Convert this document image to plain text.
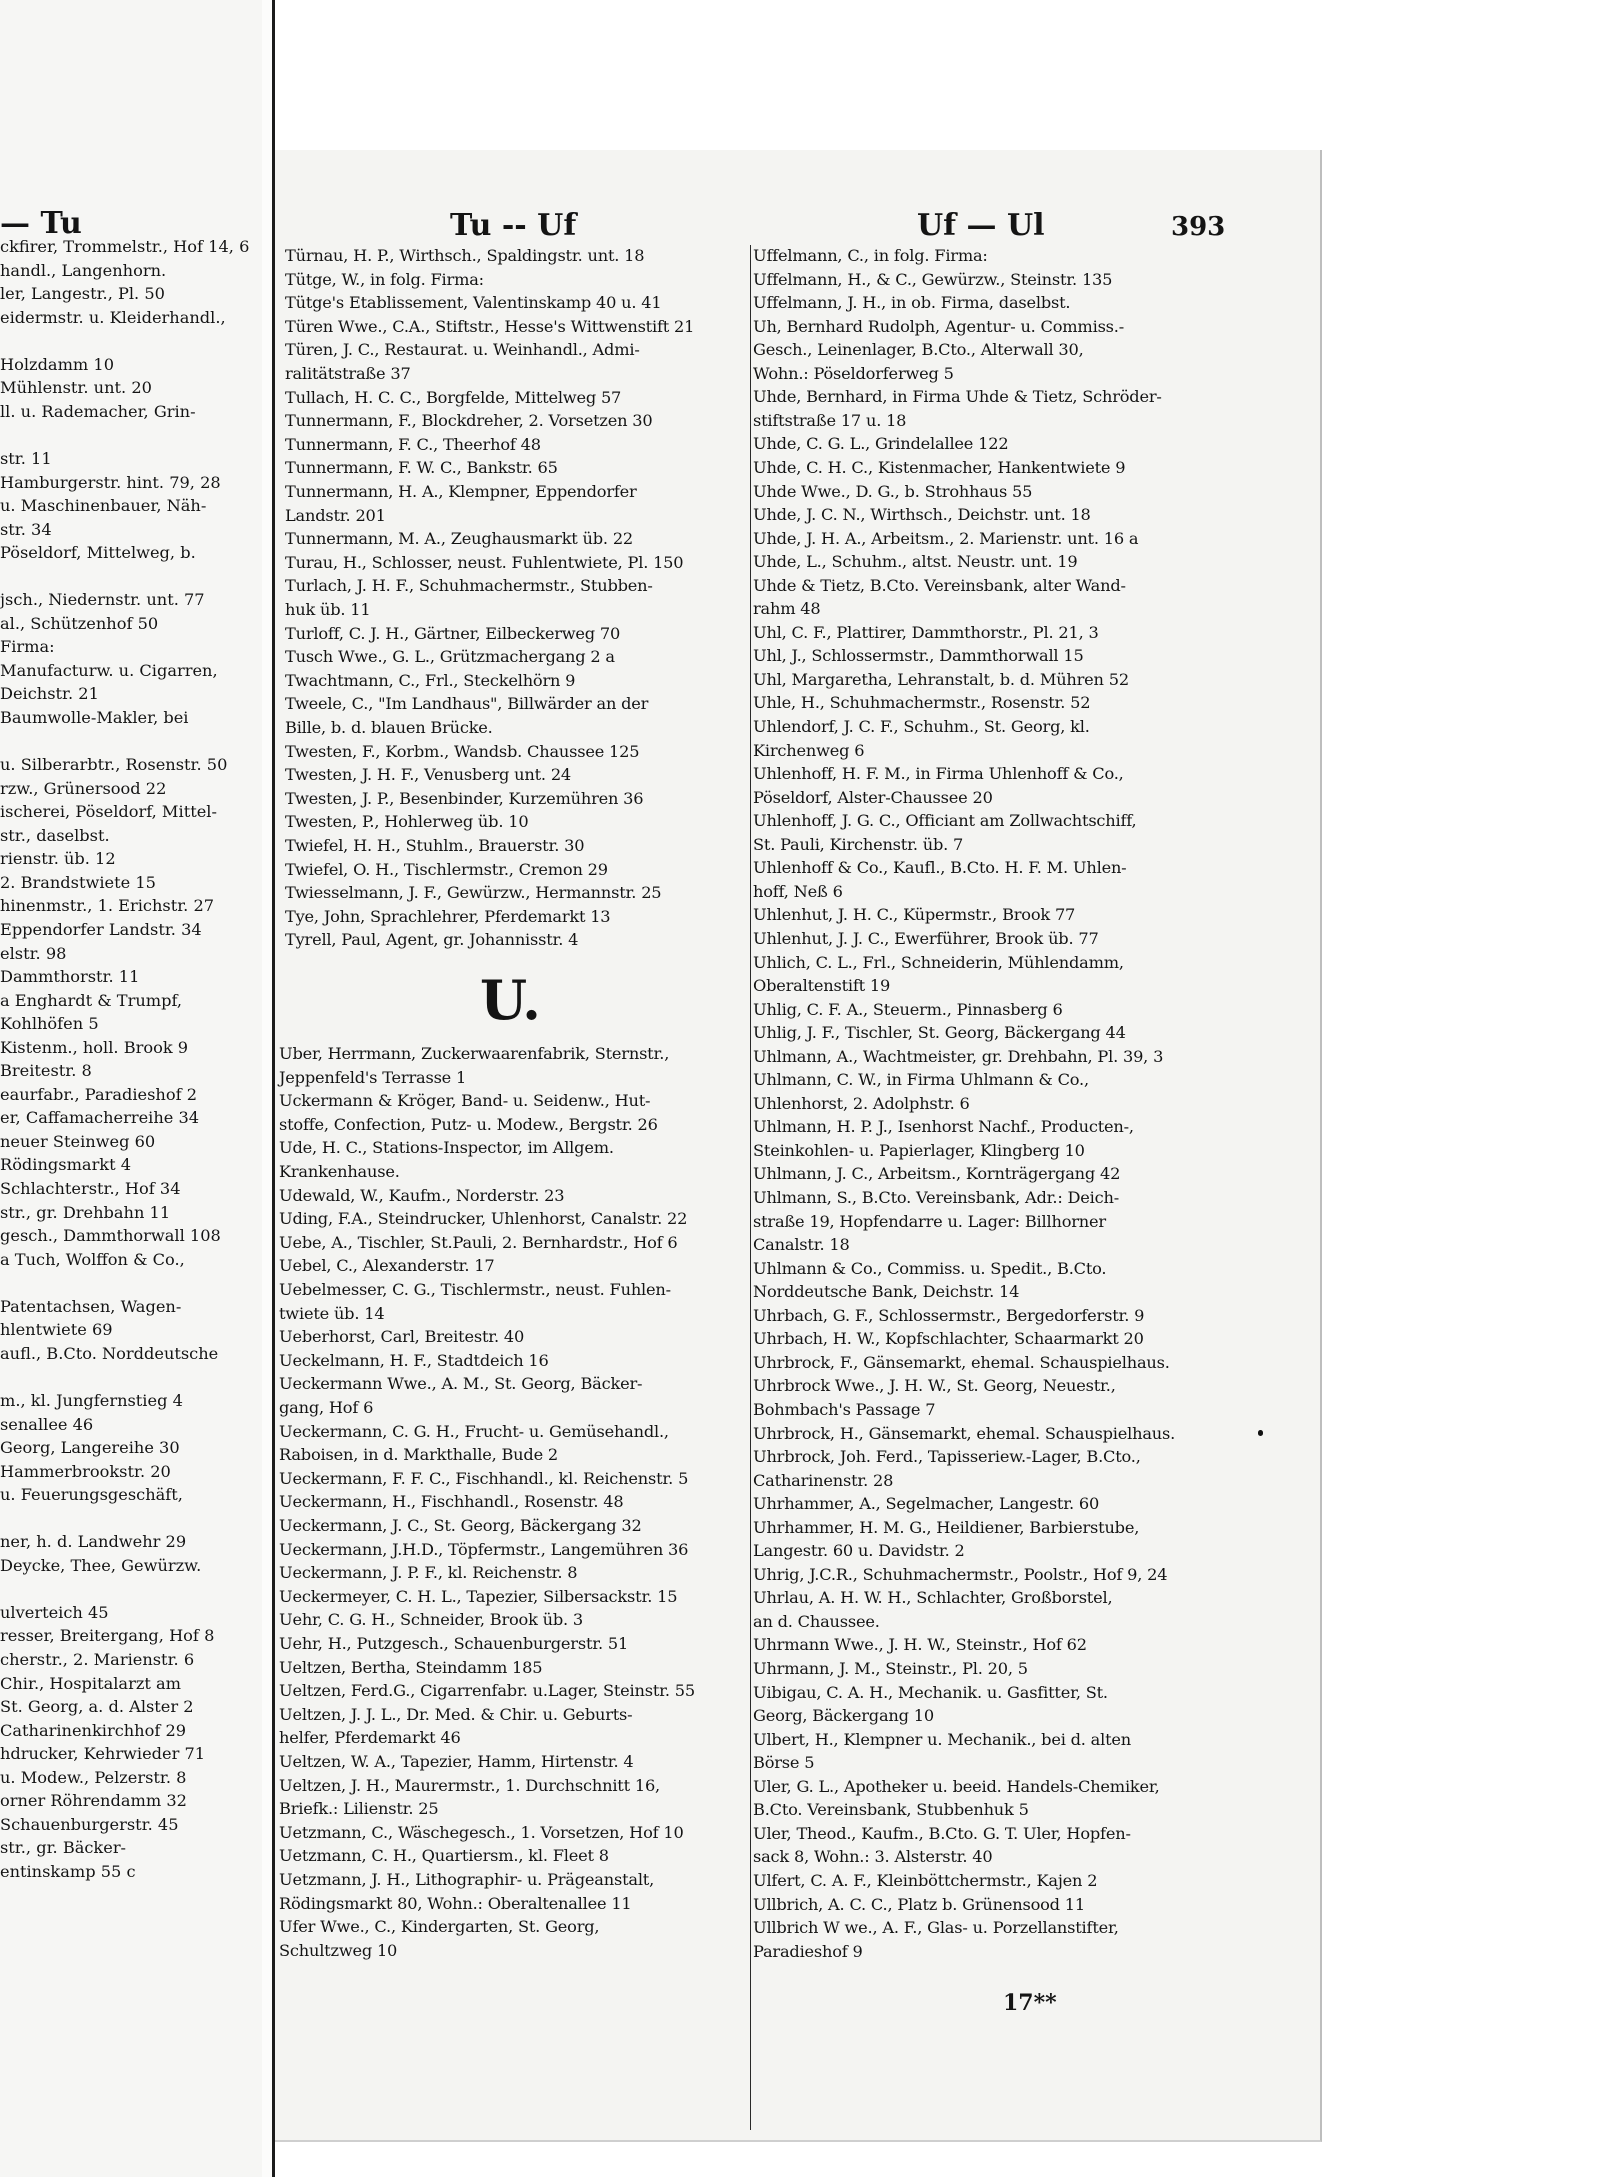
— Tu
ckfirer, Trommelstr., Hof 14, 6
handl., Langenhorn.
ler, Langestr., Pl. 50
eidermstr. u. Kleiderhandl.,
Holzdamm 10
Mühlenstr. unt. 20
ll. u. Rademacher, Grin-
str. 11
Hamburgerstr. hint. 79, 28
u. Maschinenbauer, Näh-
str. 34
Pöseldorf, Mittelweg, b.
jsch., Niedernstr. unt. 77
al., Schützenhof 50
Firma:
Manufacturw. u. Cigarren,
Deichstr. 21
Baumwolle-Makler, bei
u. Silberarbtr., Rosenstr. 50
rzw., Grünersood 22
ischerei, Pöseldorf, Mittel-
str., daselbst.
rienstr. üb. 12
2. Brandstwiete 15
hinenmstr., 1. Erichstr. 27
Eppendorfer Landstr. 34
elstr. 98
Dammthorstr. 11
a Enghardt & Trumpf,
Kohlhöfen 5
Kistenm., holl. Brook 9
Breitestr. 8
eaurfabr., Paradieshof 2
er, Caffamacherreihe 34
neuer Steinweg 60
Rödingsmarkt 4
Schlachterstr., Hof 34
str., gr. Drehbahn 11
gesch., Dammthorwall 108
a Tuch, Wolffon & Co.,
Patentachsen, Wagen-
hlentwiete 69
aufl., B.Cto. Norddeutsche
m., kl. Jungfernstieg 4
senallee 46
Georg, Langereihe 30
Hammerbrookstr. 20
u. Feuerungsgeschäft,
ner, h. d. Landwehr 29
Deycke, Thee, Gewürzw.
ulverteich 45
resser, Breitergang, Hof 8
cherstr., 2. Marienstr. 6
Chir., Hospitalarzt am
St. Georg, a. d. Alster 2
Catharinenkirchhof 29
hdrucker, Kehrwieder 71
u. Modew., Pelzerstr. 8
orner Röhrendamm 32
Schauenburgerstr. 45
str., gr. Bäcker-
entinskamp 55 c
Tu -- Uf	Uf — Ul	393
Türnau, H. P., Wirthsch., Spaldingstr. unt. 18
Tütge, W., in folg. Firma:
Tütge's Etablissement, Valentinskamp 40 u. 41
Türen Wwe., C.A., Stiftstr., Hesse's Wittwenstift 21
Türen, J. C., Restaurat. u. Weinhandl., Admi-
ralitätstraße 37
Tullach, H. C. C., Borgfelde, Mittelweg 57
Tunnermann, F., Blockdreher, 2. Vorsetzen 30
Tunnermann, F. C., Theerhof 48
Tunnermann, F. W. C., Bankstr. 65
Tunnermann, H. A., Klempner, Eppendorfer
Landstr. 201
Tunnermann, M. A., Zeughausmarkt üb. 22
Turau, H., Schlosser, neust. Fuhlentwiete, Pl. 150
Turlach, J. H. F., Schuhmachermstr., Stubben-
huk üb. 11
Turloff, C. J. H., Gärtner, Eilbeckerweg 70
Tusch Wwe., G. L., Grützmachergang 2 a
Twachtmann, C., Frl., Steckelhörn 9
Tweele, C., "Im Landhaus", Billwärder an der
Bille, b. d. blauen Brücke.
Twesten, F., Korbm., Wandsb. Chaussee 125
Twesten, J. H. F., Venusberg unt. 24
Twesten, J. P., Besenbinder, Kurzemühren 36
Twesten, P., Hohlerweg üb. 10
Twiefel, H. H., Stuhlm., Brauerstr. 30
Twiefel, O. H., Tischlermstr., Cremon 29
Twiesselmann, J. F., Gewürzw., Hermannstr. 25
Tye, John, Sprachlehrer, Pferdemarkt 13
Tyrell, Paul, Agent, gr. Johannisstr. 4
U.
Uber, Herrmann, Zuckerwaarenfabrik, Sternstr.,
Jeppenfeld's Terrasse 1
Uckermann & Kröger, Band- u. Seidenw., Hut-
stoffe, Confection, Putz- u. Modew., Bergstr. 26
Ude, H. C., Stations-Inspector, im Allgem.
Krankenhause.
Udewald, W., Kaufm., Norderstr. 23
Uding, F.A., Steindrucker, Uhlenhorst, Canalstr. 22
Uebe, A., Tischler, St.Pauli, 2. Bernhardstr., Hof 6
Uebel, C., Alexanderstr. 17
Uebelmesser, C. G., Tischlermstr., neust. Fuhlen-
twiete üb. 14
Ueberhorst, Carl, Breitestr. 40
Ueckelmann, H. F., Stadtdeich 16
Ueckermann Wwe., A. M., St. Georg, Bäcker-
gang, Hof 6
Ueckermann, C. G. H., Frucht- u. Gemüsehandl.,
Raboisen, in d. Markthalle, Bude 2
Ueckermann, F. F. C., Fischhandl., kl. Reichenstr. 5
Ueckermann, H., Fischhandl., Rosenstr. 48
Ueckermann, J. C., St. Georg, Bäckergang 32
Ueckermann, J.H.D., Töpfermstr., Langemühren 36
Ueckermann, J. P. F., kl. Reichenstr. 8
Ueckermeyer, C. H. L., Tapezier, Silbersackstr. 15
Uehr, C. G. H., Schneider, Brook üb. 3
Uehr, H., Putzgesch., Schauenburgerstr. 51
Ueltzen, Bertha, Steindamm 185
Ueltzen, Ferd.G., Cigarrenfabr. u.Lager, Steinstr. 55
Ueltzen, J. J. L., Dr. Med. & Chir. u. Geburts-
helfer, Pferdemarkt 46
Ueltzen, W. A., Tapezier, Hamm, Hirtenstr. 4
Ueltzen, J. H., Maurermstr., 1. Durchschnitt 16,
Briefk.: Lilienstr. 25
Uetzmann, C., Wäschegesch., 1. Vorsetzen, Hof 10
Uetzmann, C. H., Quartiersm., kl. Fleet 8
Uetzmann, J. H., Lithographir- u. Prägeanstalt,
Rödingsmarkt 80, Wohn.: Oberaltenallee 11
Ufer Wwe., C., Kindergarten, St. Georg,
Schultzweg 10
Uffelmann, C., in folg. Firma:
Uffelmann, H., & C., Gewürzw., Steinstr. 135
Uffelmann, J. H., in ob. Firma, daselbst.
Uh, Bernhard Rudolph, Agentur- u. Commiss.-
Gesch., Leinenlager, B.Cto., Alterwall 30,
Wohn.: Pöseldorferweg 5
Uhde, Bernhard, in Firma Uhde & Tietz, Schröder-
stiftstraße 17 u. 18
Uhde, C. G. L., Grindelallee 122
Uhde, C. H. C., Kistenmacher, Hankentwiete 9
Uhde Wwe., D. G., b. Strohhaus 55
Uhde, J. C. N., Wirthsch., Deichstr. unt. 18
Uhde, J. H. A., Arbeitsm., 2. Marienstr. unt. 16 a
Uhde, L., Schuhm., altst. Neustr. unt. 19
Uhde & Tietz, B.Cto. Vereinsbank, alter Wand-
rahm 48
Uhl, C. F., Plattirer, Dammthorstr., Pl. 21, 3
Uhl, J., Schlossermstr., Dammthorwall 15
Uhl, Margaretha, Lehranstalt, b. d. Mühren 52
Uhle, H., Schuhmachermstr., Rosenstr. 52
Uhlendorf, J. C. F., Schuhm., St. Georg, kl.
Kirchenweg 6
Uhlenhoff, H. F. M., in Firma Uhlenhoff & Co.,
Pöseldorf, Alster-Chaussee 20
Uhlenhoff, J. G. C., Officiant am Zollwachtschiff,
St. Pauli, Kirchenstr. üb. 7
Uhlenhoff & Co., Kaufl., B.Cto. H. F. M. Uhlen-
hoff, Neß 6
Uhlenhut, J. H. C., Küpermstr., Brook 77
Uhlenhut, J. J. C., Ewerführer, Brook üb. 77
Uhlich, C. L., Frl., Schneiderin, Mühlendamm,
Oberaltenstift 19
Uhlig, C. F. A., Steuerm., Pinnasberg 6
Uhlig, J. F., Tischler, St. Georg, Bäckergang 44
Uhlmann, A., Wachtmeister, gr. Drehbahn, Pl. 39, 3
Uhlmann, C. W., in Firma Uhlmann & Co.,
Uhlenhorst, 2. Adolphstr. 6
Uhlmann, H. P. J., Isenhorst Nachf., Producten-,
Steinkohlen- u. Papierlager, Klingberg 10
Uhlmann, J. C., Arbeitsm., Kornträgergang 42
Uhlmann, S., B.Cto. Vereinsbank, Adr.: Deich-
straße 19, Hopfendarre u. Lager: Billhorner
Canalstr. 18
Uhlmann & Co., Commiss. u. Spedit., B.Cto.
Norddeutsche Bank, Deichstr. 14
Uhrbach, G. F., Schlossermstr., Bergedorferstr. 9
Uhrbach, H. W., Kopfschlachter, Schaarmarkt 20
Uhrbrock, F., Gänsemarkt, ehemal. Schauspielhaus.
Uhrbrock Wwe., J. H. W., St. Georg, Neuestr.,
Bohmbach's Passage 7
Uhrbrock, H., Gänsemarkt, ehemal. Schauspielhaus.
Uhrbrock, Joh. Ferd., Tapisseriew.-Lager, B.Cto.,
Catharinenstr. 28
Uhrhammer, A., Segelmacher, Langestr. 60
Uhrhammer, H. M. G., Heildiener, Barbierstube,
Langestr. 60 u. Davidstr. 2
Uhrig, J.C.R., Schuhmachermstr., Poolstr., Hof 9, 24
Uhrlau, A. H. W. H., Schlachter, Großborstel,
an d. Chaussee.
Uhrmann Wwe., J. H. W., Steinstr., Hof 62
Uhrmann, J. M., Steinstr., Pl. 20, 5
Uibigau, C. A. H., Mechanik. u. Gasfitter, St.
Georg, Bäckergang 10
Ulbert, H., Klempner u. Mechanik., bei d. alten
Börse 5
Uler, G. L., Apotheker u. beeid. Handels-Chemiker,
B.Cto. Vereinsbank, Stubbenhuk 5
Uler, Theod., Kaufm., B.Cto. G. T. Uler, Hopfen-
sack 8, Wohn.: 3. Alsterstr. 40
Ulfert, C. A. F., Kleinböttchermstr., Kajen 2
Ullbrich, A. C. C., Platz b. Grünensood 11
Ullbrich W we., A. F., Glas- u. Porzellanstifter,
Paradieshof 9
17**
